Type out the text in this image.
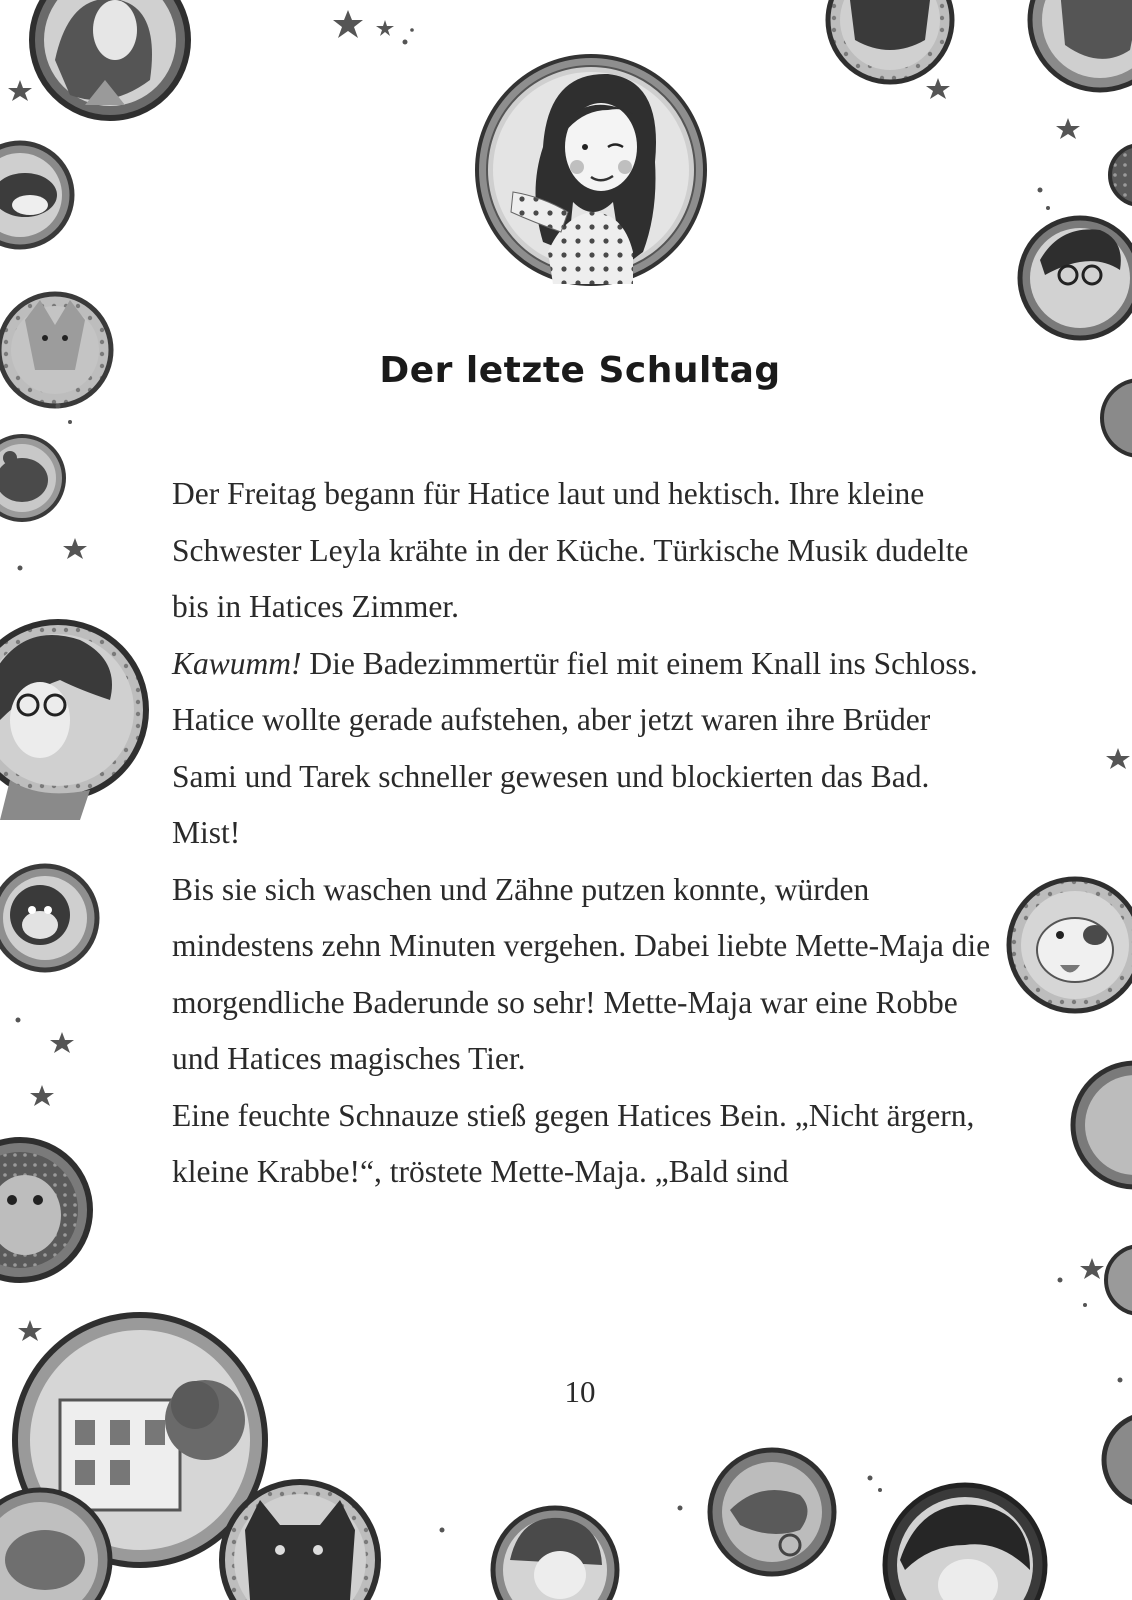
Der letzte Schultag

Der Freitag begann für Hatice laut und hektisch. Ihre kleine Schwester Leyla krähte in der Küche. Türkische Musik dudelte bis in Hatices Zimmer.

Kawumm! Die Badezimmertür fiel mit einem Knall ins Schloss.

Hatice wollte gerade aufstehen, aber jetzt waren ihre Brüder Sami und Tarek schneller gewesen und blockierten das Bad. Mist!

Bis sie sich waschen und Zähne putzen konnte, würden mindestens zehn Minuten vergehen. Dabei liebte Mette-Maja die morgendliche Baderunde so sehr! Mette-Maja war eine Robbe und Hatices magisches Tier.

Eine feuchte Schnauze stieß gegen Hatices Bein. „Nicht ärgern, kleine Krabbe!“, tröstete Mette-Maja. „Bald sind

10
